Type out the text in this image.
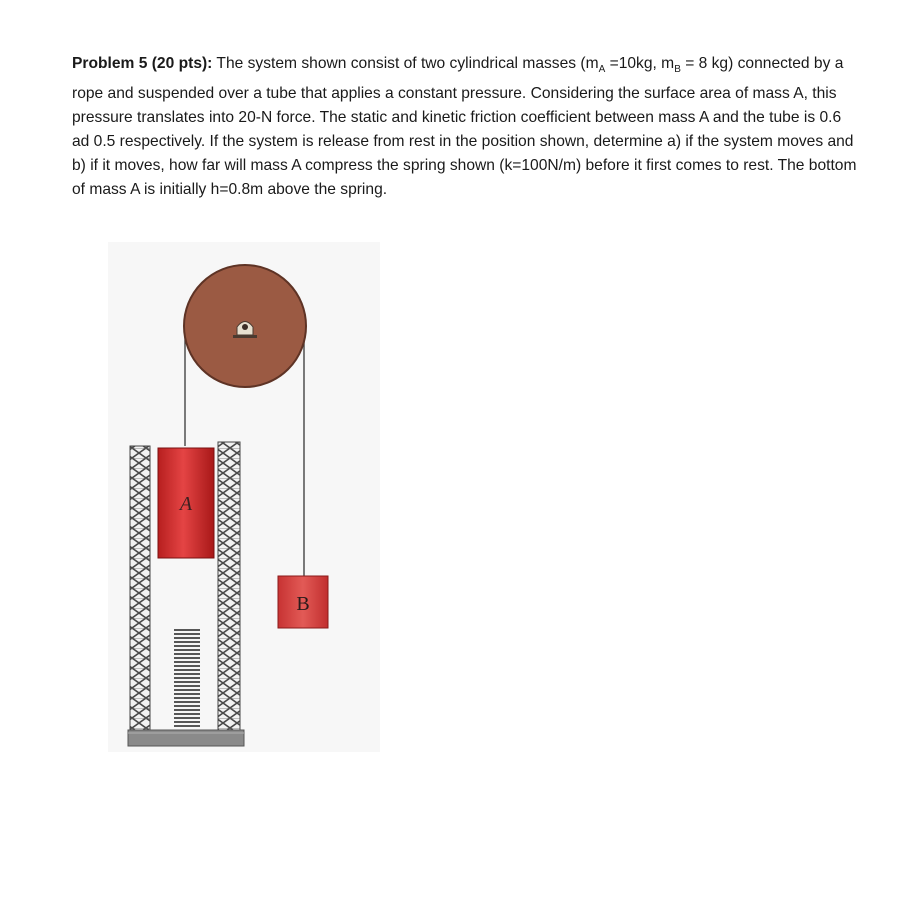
Problem 5 (20 pts): The system shown consist of two cylindrical masses ($m_A =10kg$, $m_B = 8$ kg) connected by a rope and suspended over a tube that applies a constant pressure. Considering the surface area of mass A, this pressure translates into 20-N force. The static and kinetic friction coefficient between mass A and the tube is 0.6 ad 0.5 respectively. If the system is release from rest in the position shown, determine a) if the system moves and b) if it moves, how far will mass A compress the spring shown (k=100N/m) before it first comes to rest. The bottom of mass A is initially h=0.8m above the spring.
A
B
